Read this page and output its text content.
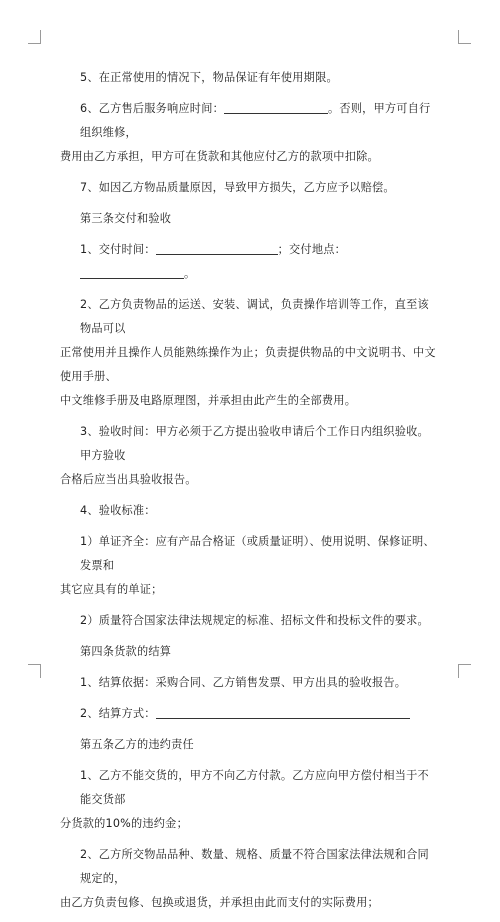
5、在正常使用的情况下，物品保证有年使用期限。
6、乙方售后服务响应时间：	。否则，甲方可自行组织维修，
费用由乙方承担，甲方可在货款和其他应付乙方的款项中扣除。
7、如因乙方物品质量原因，导致甲方损失，乙方应予以赔偿。
第三条交付和验收
1、交付时间：	；交付地点：。
2、乙方负责物品的运送、安装、调试，负责操作培训等工作，直至该物品可以
正常使用并且操作人员能熟练操作为止；负责提供物品的中文说明书、中文使用手册、
中文维修手册及电路原理图，并承担由此产生的全部费用。
3、验收时间：甲方必须于乙方提出验收申请后个工作日内组织验收。甲方验收
合格后应当出具验收报告。
4、验收标准：
1）单证齐全：应有产品合格证（或质量证明）、使用说明、保修证明、发票和
其它应具有的单证；
2）质量符合国家法律法规规定的标准、招标文件和投标文件的要求。
第四条货款的结算
1、结算依据：采购合同、乙方销售发票、甲方出具的验收报告。
2、结算方式：
第五条乙方的违约责任
1、乙方不能交货的，甲方不向乙方付款。乙方应向甲方偿付相当于不能交货部
分货款的10%的违约金；
2、乙方所交物品品种、数量、规格、质量不符合国家法律法规和合同规定的，
由乙方负责包修、包换或退货，并承担由此而支付的实际费用；
